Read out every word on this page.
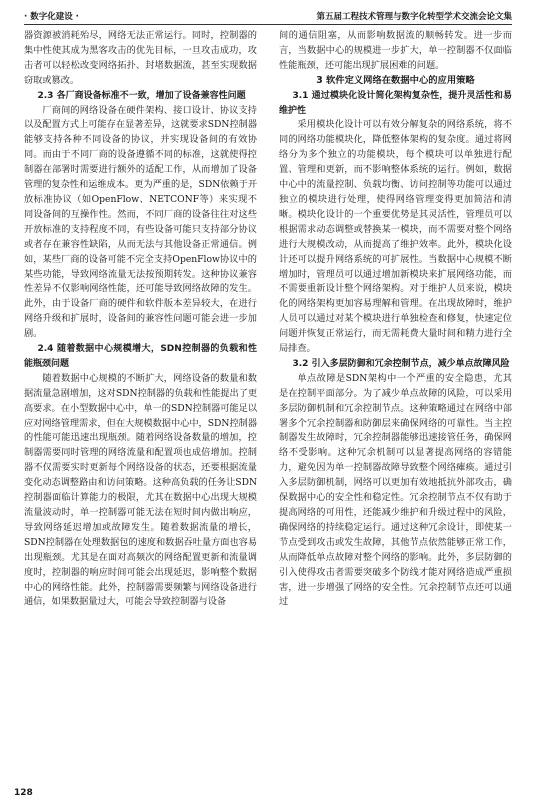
· 数字化建设 ·	第五届工程技术管理与数字化转型学术交流会论文集

器资源被消耗殆尽，网络无法正常运行。同时，控制器的集中性使其成为黑客攻击的优先目标，一旦攻击成功，攻击者可以轻松改变网络拓扑、封堵数据流，甚至实现数据窃取或篡改。

2.3 各厂商设备标准不一致，增加了设备兼容性问题

厂商间的网络设备在硬件架构、接口设计、协议支持以及配置方式上可能存在显著差异，这就要求SDN控制器能够支持各种不同设备的协议，并实现设备间的有效协同。而由于不同厂商的设备遵循不同的标准，这就使得控制器在部署时需要进行额外的适配工作，从而增加了设备管理的复杂性和运维成本。更为严重的是，SDN依赖于开放标准协议（如OpenFlow、NETCONF等）来实现不同设备间的互操作性。然而，不同厂商的设备往往对这些开放标准的支持程度不同，有些设备可能只支持部分协议或者存在兼容性缺陷，从而无法与其他设备正常通信。例如，某些厂商的设备可能不完全支持OpenFlow协议中的某些功能，导致网络流量无法按预期转发。这种协议兼容性差异不仅影响网络性能，还可能导致网络故障的发生。此外，由于设备厂商的硬件和软件版本差异较大，在进行网络升级和扩展时，设备间的兼容性问题可能会进一步加剧。

2.4 随着数据中心规模增大，SDN控制器的负载和性能瓶颈问题

随着数据中心规模的不断扩大，网络设备的数量和数据流量急剧增加，这对SDN控制器的负载和性能提出了更高要求。在小型数据中心中，单一的SDN控制器可能足以应对网络管理需求，但在大规模数据中心中，SDN控制器的性能可能迅速出现瓶颈。随着网络设备数量的增加，控制器需要同时管理的网络流量和配置项也成倍增加。控制器不仅需要实时更新每个网络设备的状态，还要根据流量变化动态调整路由和访问策略。这种高负载的任务让SDN控制器面临计算能力的极限，尤其在数据中心出现大规模流量波动时，单一控制器可能无法在短时间内做出响应，导致网络延迟增加或故障发生。随着数据流量的增长，SDN控制器在处理数据包的速度和数据吞吐量方面也容易出现瓶颈。尤其是在面对高频次的网络配置更新和流量调度时，控制器的响应时间可能会出现延迟，影响整个数据中心的网络性能。此外，控制器需要频繁与网络设备进行通信，如果数据量过大，可能会导致控制器与设备

间的通信阻塞，从而影响数据流的顺畅转发。进一步而言，当数据中心的规模进一步扩大，单一控制器不仅面临性能瓶颈，还可能出现扩展困难的问题。

3 软件定义网络在数据中心的应用策略

3.1 通过模块化设计简化架构复杂性，提升灵活性和易维护性

采用模块化设计可以有效分解复杂的网络系统，将不同的网络功能模块化，降低整体架构的复杂度。通过将网络分为多个独立的功能模块，每个模块可以单独进行配置、管理和更新，而不影响整体系统的运行。例如，数据中心中的流量控制、负载均衡、访问控制等功能可以通过独立的模块进行处理，使得网络管理变得更加简洁和清晰。模块化设计的一个重要优势是其灵活性，管理员可以根据需求动态调整或替换某一模块，而不需要对整个网络进行大规模改动，从而提高了维护效率。此外，模块化设计还可以提升网络系统的可扩展性。当数据中心规模不断增加时，管理员可以通过增加新模块来扩展网络功能，而不需要重新设计整个网络架构。对于维护人员来说，模块化的网络架构更加容易理解和管理。在出现故障时，维护人员可以通过对某个模块进行单独检查和修复，快速定位问题并恢复正常运行，而无需耗费大量时间和精力进行全局排查。

3.2 引入多层防御和冗余控制节点，减少单点故障风险

单点故障是SDN架构中一个严重的安全隐患，尤其是在控制平面部分。为了减少单点故障的风险，可以采用多层防御机制和冗余控制节点。这种策略通过在网络中部署多个冗余控制器和防御层来确保网络的可靠性。当主控制器发生故障时，冗余控制器能够迅速接管任务，确保网络不受影响。这种冗余机制可以显著提高网络的容错能力，避免因为单一控制器故障导致整个网络瘫痪。通过引入多层防御机制，网络可以更加有效地抵抗外部攻击，确保数据中心的安全性和稳定性。冗余控制节点不仅有助于提高网络的可用性，还能减少维护和升级过程中的风险，确保网络的持续稳定运行。通过这种冗余设计，即使某一节点受到攻击或发生故障，其他节点依然能够正常工作，从而降低单点故障对整个网络的影响。此外，多层防御的引入使得攻击者需要突破多个防线才能对网络造成严重损害，进一步增强了网络的安全性。冗余控制节点还可以通过

128
